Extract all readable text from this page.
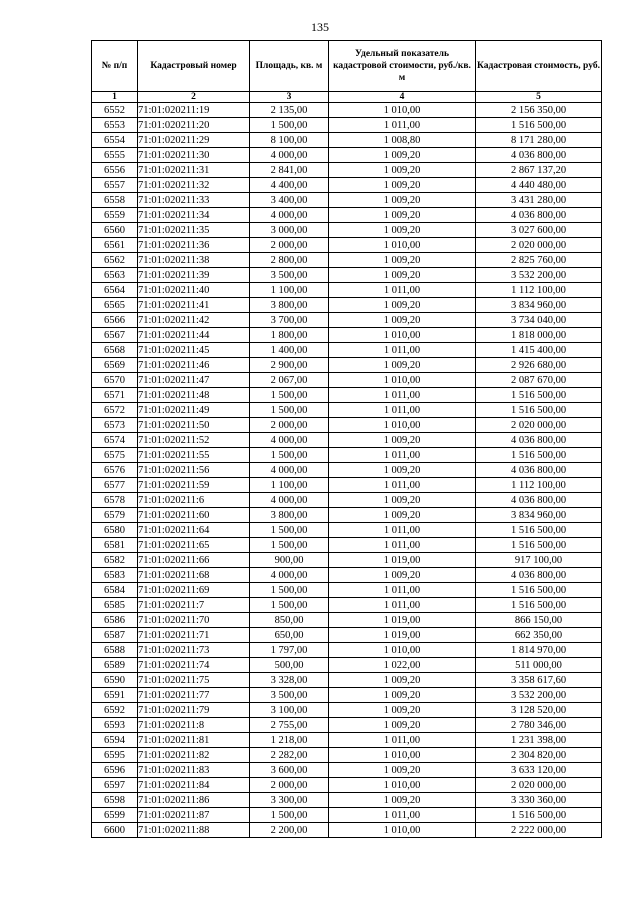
135
№ п/п	Кадастровый номер	Площадь, кв. м	Удельный показатель кадастровой стоимости, руб./кв. м	Кадастровая стоимость, руб.
1	2	3	4	5
6552	71:01:020211:19	2 135,00	1 010,00	2 156 350,00
6553	71:01:020211:20	1 500,00	1 011,00	1 516 500,00
6554	71:01:020211:29	8 100,00	1 008,80	8 171 280,00
6555	71:01:020211:30	4 000,00	1 009,20	4 036 800,00
6556	71:01:020211:31	2 841,00	1 009,20	2 867 137,20
6557	71:01:020211:32	4 400,00	1 009,20	4 440 480,00
6558	71:01:020211:33	3 400,00	1 009,20	3 431 280,00
6559	71:01:020211:34	4 000,00	1 009,20	4 036 800,00
6560	71:01:020211:35	3 000,00	1 009,20	3 027 600,00
6561	71:01:020211:36	2 000,00	1 010,00	2 020 000,00
6562	71:01:020211:38	2 800,00	1 009,20	2 825 760,00
6563	71:01:020211:39	3 500,00	1 009,20	3 532 200,00
6564	71:01:020211:40	1 100,00	1 011,00	1 112 100,00
6565	71:01:020211:41	3 800,00	1 009,20	3 834 960,00
6566	71:01:020211:42	3 700,00	1 009,20	3 734 040,00
6567	71:01:020211:44	1 800,00	1 010,00	1 818 000,00
6568	71:01:020211:45	1 400,00	1 011,00	1 415 400,00
6569	71:01:020211:46	2 900,00	1 009,20	2 926 680,00
6570	71:01:020211:47	2 067,00	1 010,00	2 087 670,00
6571	71:01:020211:48	1 500,00	1 011,00	1 516 500,00
6572	71:01:020211:49	1 500,00	1 011,00	1 516 500,00
6573	71:01:020211:50	2 000,00	1 010,00	2 020 000,00
6574	71:01:020211:52	4 000,00	1 009,20	4 036 800,00
6575	71:01:020211:55	1 500,00	1 011,00	1 516 500,00
6576	71:01:020211:56	4 000,00	1 009,20	4 036 800,00
6577	71:01:020211:59	1 100,00	1 011,00	1 112 100,00
6578	71:01:020211:6	4 000,00	1 009,20	4 036 800,00
6579	71:01:020211:60	3 800,00	1 009,20	3 834 960,00
6580	71:01:020211:64	1 500,00	1 011,00	1 516 500,00
6581	71:01:020211:65	1 500,00	1 011,00	1 516 500,00
6582	71:01:020211:66	900,00	1 019,00	917 100,00
6583	71:01:020211:68	4 000,00	1 009,20	4 036 800,00
6584	71:01:020211:69	1 500,00	1 011,00	1 516 500,00
6585	71:01:020211:7	1 500,00	1 011,00	1 516 500,00
6586	71:01:020211:70	850,00	1 019,00	866 150,00
6587	71:01:020211:71	650,00	1 019,00	662 350,00
6588	71:01:020211:73	1 797,00	1 010,00	1 814 970,00
6589	71:01:020211:74	500,00	1 022,00	511 000,00
6590	71:01:020211:75	3 328,00	1 009,20	3 358 617,60
6591	71:01:020211:77	3 500,00	1 009,20	3 532 200,00
6592	71:01:020211:79	3 100,00	1 009,20	3 128 520,00
6593	71:01:020211:8	2 755,00	1 009,20	2 780 346,00
6594	71:01:020211:81	1 218,00	1 011,00	1 231 398,00
6595	71:01:020211:82	2 282,00	1 010,00	2 304 820,00
6596	71:01:020211:83	3 600,00	1 009,20	3 633 120,00
6597	71:01:020211:84	2 000,00	1 010,00	2 020 000,00
6598	71:01:020211:86	3 300,00	1 009,20	3 330 360,00
6599	71:01:020211:87	1 500,00	1 011,00	1 516 500,00
6600	71:01:020211:88	2 200,00	1 010,00	2 222 000,00
